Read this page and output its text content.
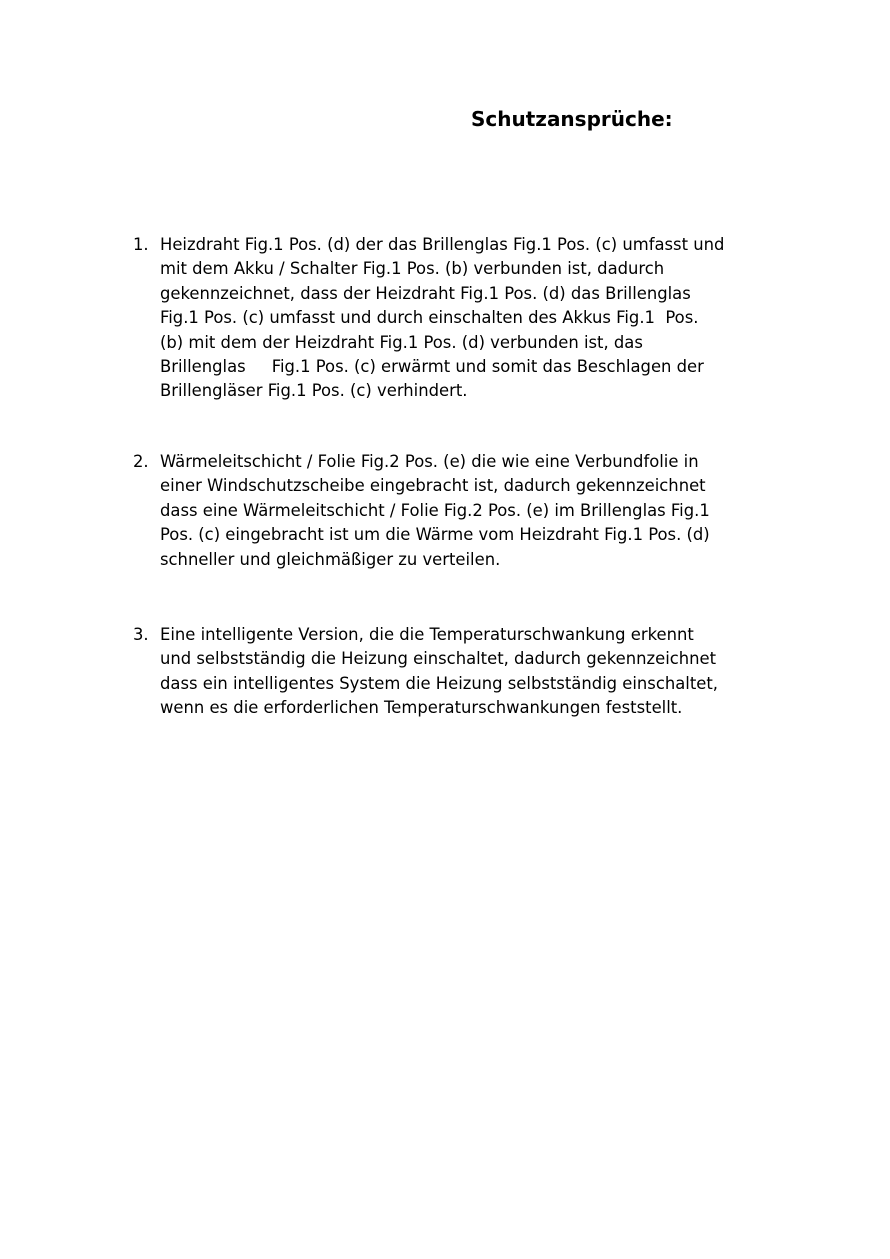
Schutzansprüche:
1. Heizdraht Fig.1 Pos. (d) der das Brillenglas Fig.1 Pos. (c) umfasst und
mit dem Akku / Schalter Fig.1 Pos. (b) verbunden ist, dadurch
gekennzeichnet, dass der Heizdraht Fig.1 Pos. (d) das Brillenglas
Fig.1 Pos. (c) umfasst und durch einschalten des Akkus Fig.1  Pos.
(b) mit dem der Heizdraht Fig.1 Pos. (d) verbunden ist, das
Brillenglas     Fig.1 Pos. (c) erwärmt und somit das Beschlagen der
Brillengläser Fig.1 Pos. (c) verhindert.
2. Wärmeleitschicht / Folie Fig.2 Pos. (e) die wie eine Verbundfolie in
einer Windschutzscheibe eingebracht ist, dadurch gekennzeichnet
dass eine Wärmeleitschicht / Folie Fig.2 Pos. (e) im Brillenglas Fig.1
Pos. (c) eingebracht ist um die Wärme vom Heizdraht Fig.1 Pos. (d)
schneller und gleichmäßiger zu verteilen.
3. Eine intelligente Version, die die Temperaturschwankung erkennt
und selbstständig die Heizung einschaltet, dadurch gekennzeichnet
dass ein intelligentes System die Heizung selbstständig einschaltet,
wenn es die erforderlichen Temperaturschwankungen feststellt.
